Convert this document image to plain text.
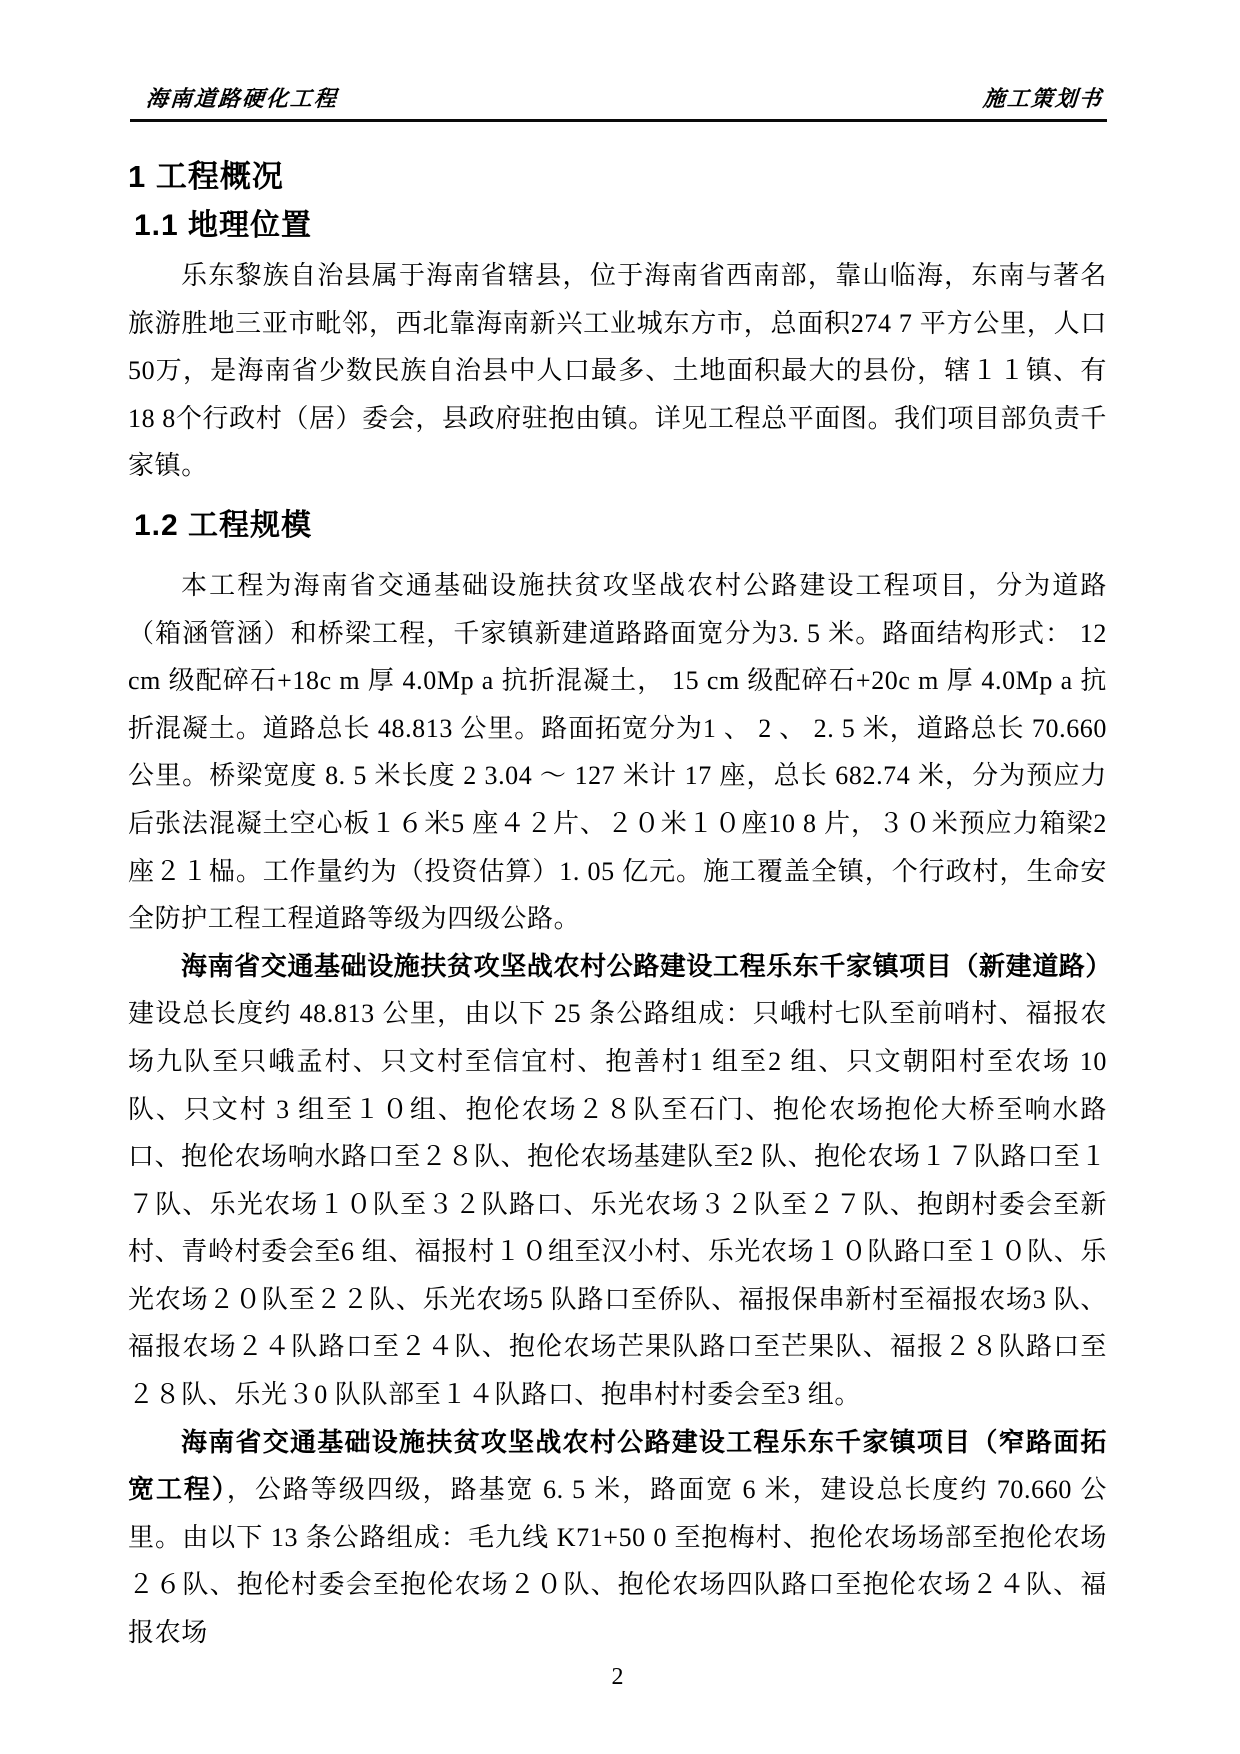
海南道路硬化工程	施工策划书
1 工程概况
1.1 地理位置

乐东黎族自治县属于海南省辖县，位于海南省西南部，靠山临海，东南与著名旅游胜地三亚市毗邻，西北靠海南新兴工业城东方市，总面积274 7 平方公里，人口50万，是海南省少数民族自治县中人口最多、土地面积最大的县份，辖１１镇、有18 8个行政村（居）委会，县政府驻抱由镇。详见工程总平面图。我们项目部负责千家镇。

1.2 工程规模

本工程为海南省交通基础设施扶贫攻坚战农村公路建设工程项目，分为道路（箱涵管涵）和桥梁工程，千家镇新建道路路面宽分为3. 5 米。路面结构形式： 12 cm 级配碎石+18c m 厚 4.0Mp a 抗折混凝土， 15 cm 级配碎石+20c m 厚 4.0Mp a 抗折混凝土。道路总长 48.813 公里。路面拓宽分为1 、 2 、 2. 5 米，道路总长 70.660 公里。桥梁宽度 8. 5 米长度 2 3.04 ～ 127 米计 17 座，总长 682.74 米，分为预应力后张法混凝土空心板１６米5 座４２片、２０米１０座10 8 片，３０米预应力箱梁2 座２１榀。工作量约为（投资估算）1. 05 亿元。施工覆盖全镇，个行政村，生命安全防护工程工程道路等级为四级公路。

海南省交通基础设施扶贫攻坚战农村公路建设工程乐东千家镇项目（新建道路）建设总长度约 48.813 公里，由以下 25 条公路组成：只峨村七队至前哨村、福报农场九队至只峨孟村、只文村至信宜村、抱善村1 组至2 组、只文朝阳村至农场 10 队、只文村 3 组至１０组、抱伦农场２８队至石门、抱伦农场抱伦大桥至响水路口、抱伦农场响水路口至２８队、抱伦农场基建队至2 队、抱伦农场１７队路口至１７队、乐光农场１０队至３２队路口、乐光农场３２队至２７队、抱朗村委会至新村、青岭村委会至6 组、福报村１０组至汉小村、乐光农场１０队路口至１０队、乐光农场２０队至２２队、乐光农场5 队路口至侨队、福报保串新村至福报农场3 队、福报农场２４队路口至２４队、抱伦农场芒果队路口至芒果队、福报２８队路口至２８队、乐光３0 队队部至１４队路口、抱串村村委会至3 组。

海南省交通基础设施扶贫攻坚战农村公路建设工程乐东千家镇项目（窄路面拓宽工程），公路等级四级，路基宽 6. 5 米，路面宽 6 米，建设总长度约 70.660 公里。由以下 13 条公路组成：毛九线 K71+50 0 至抱梅村、抱伦农场场部至抱伦农场２６队、抱伦村委会至抱伦农场２０队、抱伦农场四队路口至抱伦农场２４队、福报农场

2
